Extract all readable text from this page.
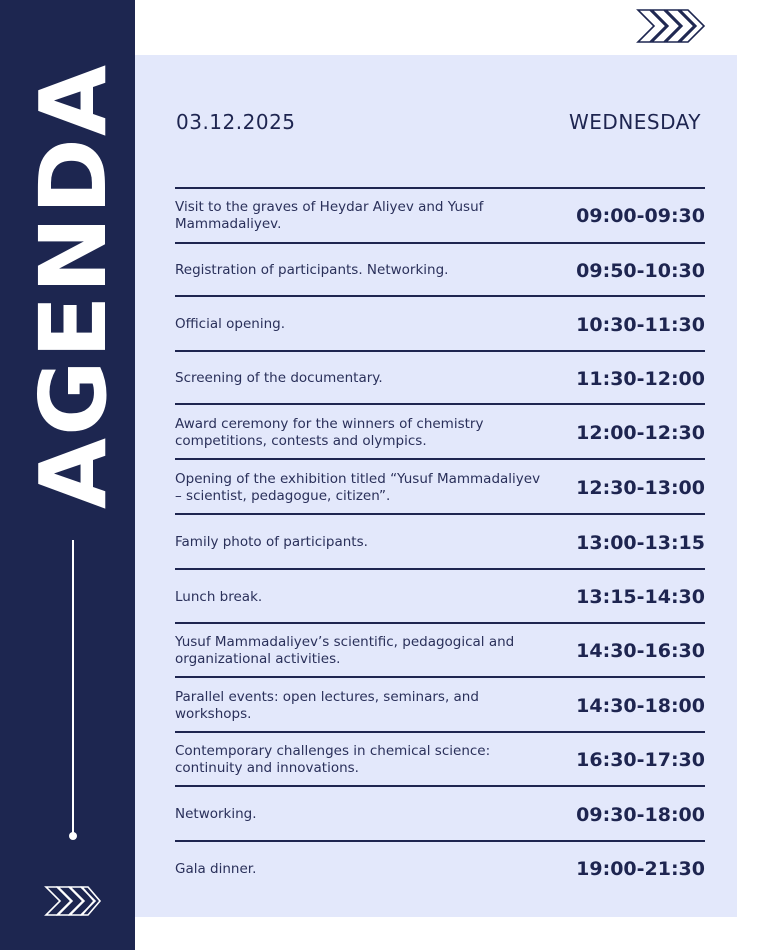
AGENDA 03.12.2025	WEDNESDAY
Visit to the graves of Heydar Aliyev and Yusuf Mammadaliyev.	09:00-09:30
Registration of participants. Networking.	09:50-10:30
Official opening.	10:30-11:30
Screening of the documentary.	11:30-12:00
Award ceremony for the winners of chemistry competitions, contests and olympics.	12:00-12:30
Opening of the exhibition titled “Yusuf Mammadaliyev – scientist, pedagogue, citizen”.	12:30-13:00
Family photo of participants.	13:00-13:15
Lunch break.	13:15-14:30
Yusuf Mammadaliyev’s scientific, pedagogical and organizational activities.	14:30-16:30
Parallel events: open lectures, seminars, and workshops.	14:30-18:00
Contemporary challenges in chemical science: continuity and innovations.	16:30-17:30
Networking.	09:30-18:00
Gala dinner.	19:00-21:30
